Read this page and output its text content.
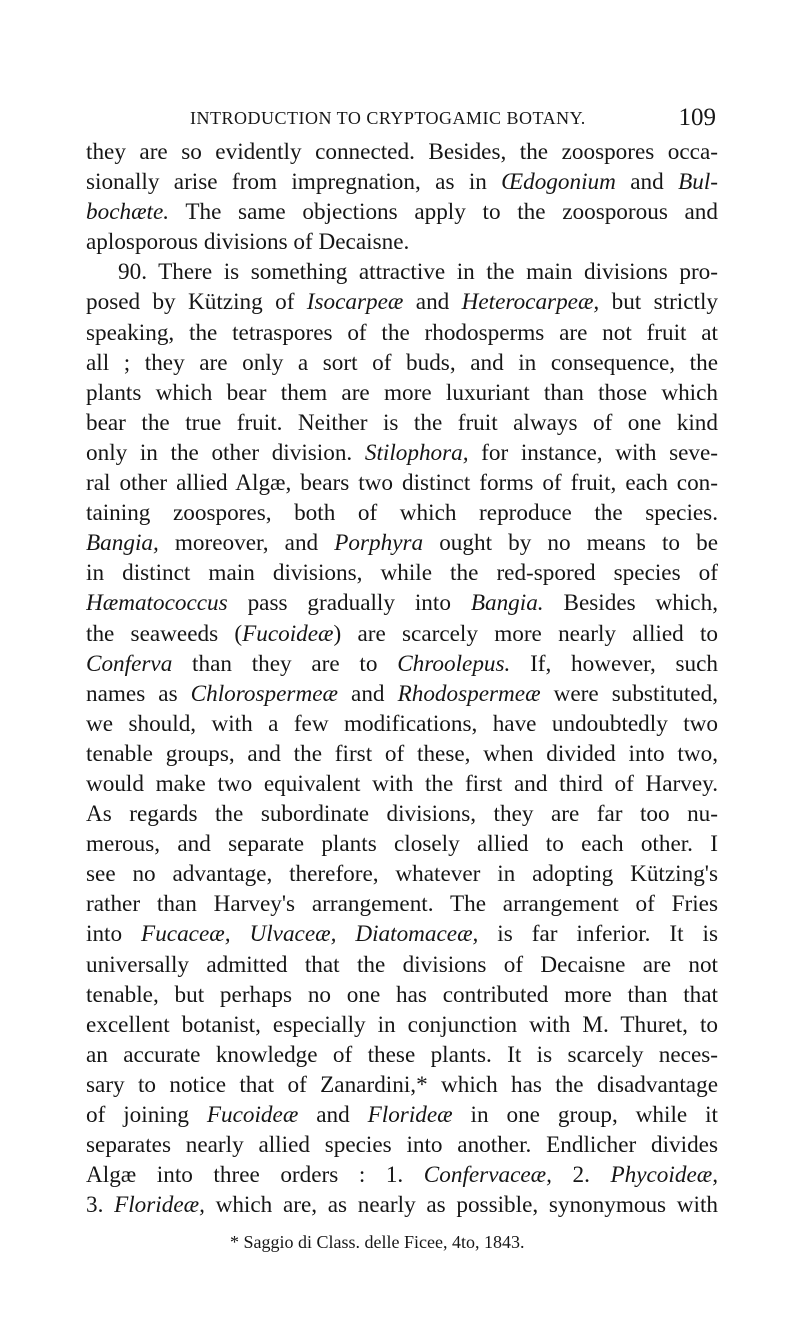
INTRODUCTION TO CRYPTOGAMIC BOTANY.	109
they are so evidently connected. Besides, the zoospores occa-
sionally arise from impregnation, as in Œdogonium and Bul-
bochæte. The same objections apply to the zoosporous and
aplosporous divisions of Decaisne.
90. There is something attractive in the main divisions pro-
posed by Kützing of Isocarpeæ and Heterocarpeæ, but strictly
speaking, the tetraspores of the rhodosperms are not fruit at
all ; they are only a sort of buds, and in consequence, the
plants which bear them are more luxuriant than those which
bear the true fruit. Neither is the fruit always of one kind
only in the other division. Stilophora, for instance, with seve-
ral other allied Algæ, bears two distinct forms of fruit, each con-
taining zoospores, both of which reproduce the species.
Bangia, moreover, and Porphyra ought by no means to be
in distinct main divisions, while the red-spored species of
Hæmatococcus pass gradually into Bangia. Besides which,
the seaweeds (Fucoideæ) are scarcely more nearly allied to
Conferva than they are to Chroolepus. If, however, such
names as Chlorospermeæ and Rhodospermeæ were substituted,
we should, with a few modifications, have undoubtedly two
tenable groups, and the first of these, when divided into two,
would make two equivalent with the first and third of Harvey.
As regards the subordinate divisions, they are far too nu-
merous, and separate plants closely allied to each other. I
see no advantage, therefore, whatever in adopting Kützing's
rather than Harvey's arrangement. The arrangement of Fries
into Fucaceæ, Ulvaceæ, Diatomaceæ, is far inferior. It is
universally admitted that the divisions of Decaisne are not
tenable, but perhaps no one has contributed more than that
excellent botanist, especially in conjunction with M. Thuret, to
an accurate knowledge of these plants. It is scarcely neces-
sary to notice that of Zanardini,* which has the disadvantage
of joining Fucoideæ and Florideæ in one group, while it
separates nearly allied species into another. Endlicher divides
Algæ into three orders : 1. Confervaceæ, 2. Phycoideæ,
3. Florideæ, which are, as nearly as possible, synonymous with
* Saggio di Class. delle Ficee, 4to, 1843.
